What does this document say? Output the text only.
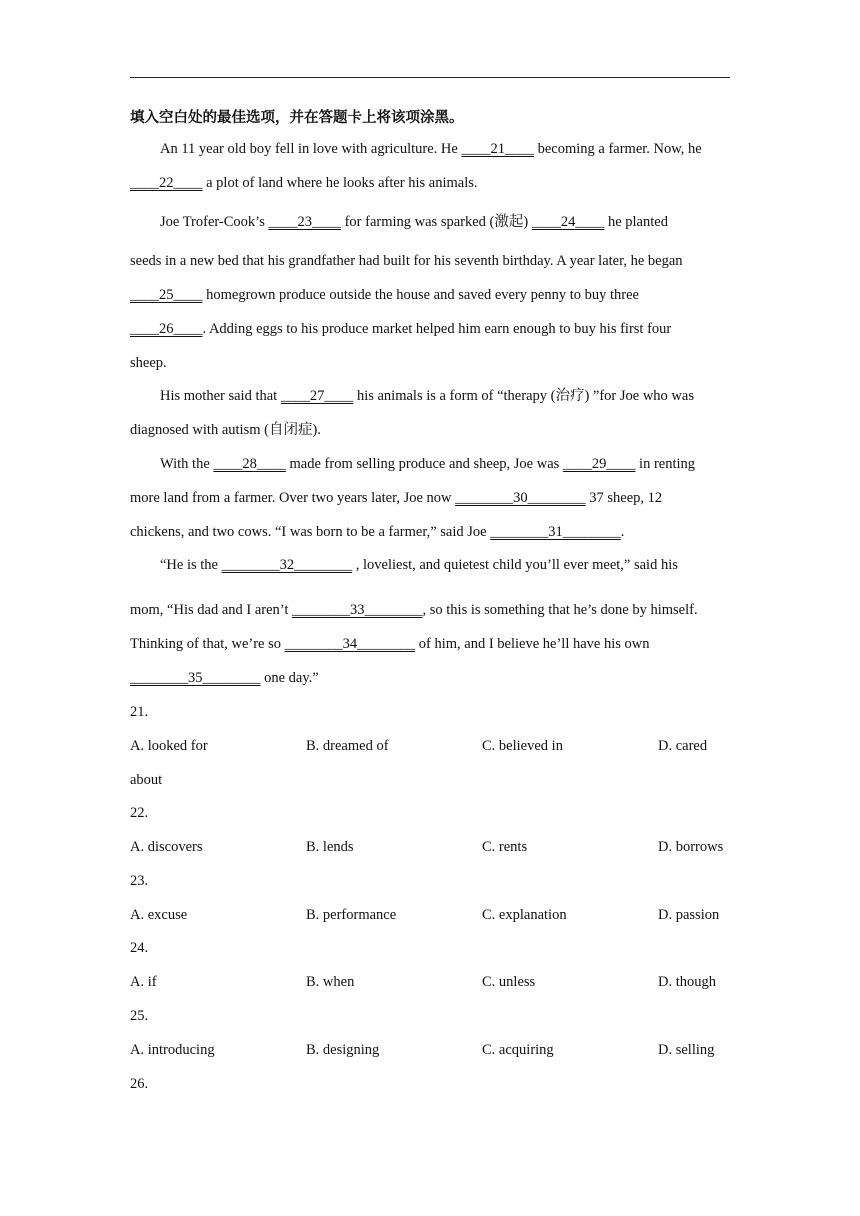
填入空白处的最佳选项，并在答题卡上将该项涂黑。
An 11 year old boy fell in love with agriculture. He ____21____ becoming a farmer. Now, he
____22____ a plot of land where he looks after his animals.
Joe Trofer-Cook’s ____23____ for farming was sparked (激起) ____24____ he planted
seeds in a new bed that his grandfather had built for his seventh birthday. A year later, he began
____25____ homegrown produce outside the house and saved every penny to buy three
____26____. Adding eggs to his produce market helped him earn enough to buy his first four
sheep.
His mother said that ____27____ his animals is a form of “therapy (治疗) ”for Joe who was
diagnosed with autism (自闭症).
With the ____28____ made from selling produce and sheep, Joe was ____29____ in renting
more land from a farmer. Over two years later, Joe now ________30________ 37 sheep, 12
chickens, and two cows. “I was born to be a farmer,” said Joe ________31________.
“He is the ________32________ , loveliest, and quietest child you’ll ever meet,” said his
mom, “His dad and I aren’t ________33________, so this is something that he’s done by himself.
Thinking of that, we’re so ________34________ of him, and I believe he’ll have his own
________35________ one day.”
21.
A. looked for	B. dreamed of	C. believed in	D. cared
about
22.
A. discovers	B. lends	C. rents	D. borrows
23.
A. excuse	B. performance	C. explanation	D. passion
24.
A. if	B. when	C. unless	D. though
25.
A. introducing	B. designing	C. acquiring	D. selling
26.
